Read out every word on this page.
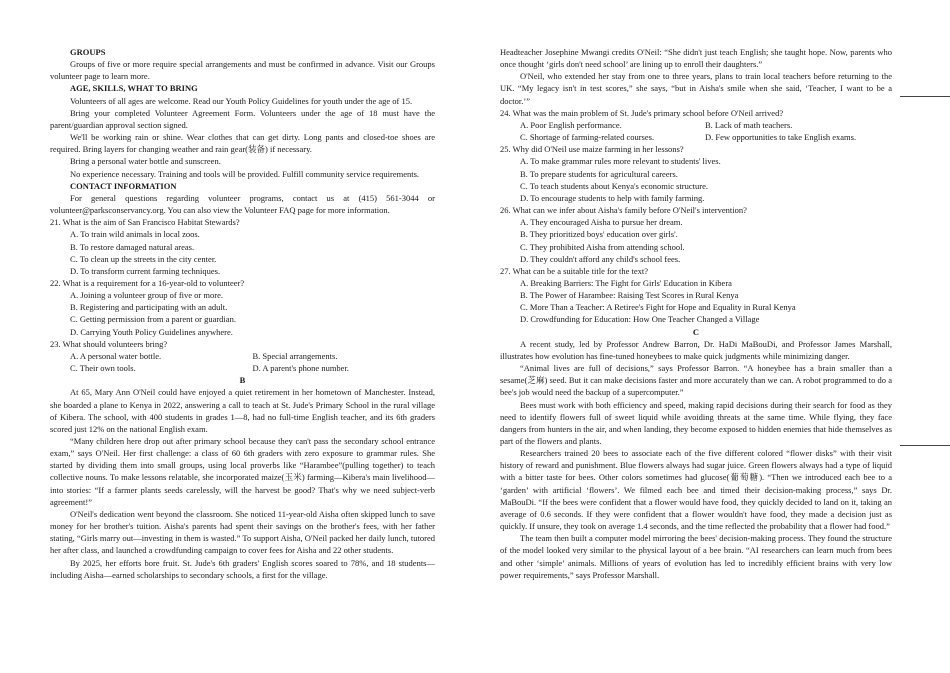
GROUPS

Groups of five or more require special arrangements and must be confirmed in advance. Visit our Groups volunteer page to learn more.

AGE, SKILLS, WHAT TO BRING

Volunteers of all ages are welcome. Read our Youth Policy Guidelines for youth under the age of 15.

Bring your completed Volunteer Agreement Form. Volunteers under the age of 18 must have the parent/guardian approval section signed.

We'll be working rain or shine. Wear clothes that can get dirty. Long pants and closed-toe shoes are required. Bring layers for changing weather and rain gear(装备) if necessary.

Bring a personal water bottle and sunscreen.

No experience necessary. Training and tools will be provided. Fulfill community service requirements.

CONTACT INFORMATION

For general questions regarding volunteer programs, contact us at (415) 561-3044 or volunteer@parksconservancy.org. You can also view the Volunteer FAQ page for more information.

21. What is the aim of San Francisco Habitat Stewards?

A. To train wild animals in local zoos.

B. To restore damaged natural areas.

C. To clean up the streets in the city center.

D. To transform current farming techniques.

22. What is a requirement for a 16-year-old to volunteer?

A. Joining a volunteer group of five or more.

B. Registering and participating with an adult.

C. Getting permission from a parent or guardian.

D. Carrying Youth Policy Guidelines anywhere.

23. What should volunteers bring?

A. A personal water bottle.	B. Special arrangements.
C. Their own tools.	D. A parent's phone number.

B

At 65, Mary Ann O'Neil could have enjoyed a quiet retirement in her hometown of Manchester. Instead, she boarded a plane to Kenya in 2022, answering a call to teach at St. Jude's Primary School in the rural village of Kibera. The school, with 400 students in grades 1—8, had no full-time English teacher, and its 6th graders scored just 12% on the national English exam.

“Many children here drop out after primary school because they can't pass the secondary school entrance exam,” says O'Neil. Her first challenge: a class of 60 6th graders with zero exposure to grammar rules. She started by dividing them into small groups, using local proverbs like “Harambee”(pulling together) to teach collective nouns. To make lessons relatable, she incorporated maize(玉米) farming—Kibera's main livelihood—into stories: “If a farmer plants seeds carelessly, will the harvest be good? That's why we need subject-verb agreement!”

O'Neil's dedication went beyond the classroom. She noticed 11-year-old Aisha often skipped lunch to save money for her brother's tuition. Aisha's parents had spent their savings on the brother's fees, with her father stating, “Girls marry out—investing in them is wasted.” To support Aisha, O'Neil packed her daily lunch, tutored her after class, and launched a crowdfunding campaign to cover fees for Aisha and 22 other students.

By 2025, her efforts bore fruit. St. Jude's 6th graders' English scores soared to 78%, and 18 students—including Aisha—earned scholarships to secondary schools, a first for the village.

Headteacher Josephine Mwangi credits O'Neil: “She didn't just teach English; she taught hope. Now, parents who once thought ‘girls don't need school’ are lining up to enroll their daughters.”

O'Neil, who extended her stay from one to three years, plans to train local teachers before returning to the UK. “My legacy isn't in test scores,” she says, “but in Aisha's smile when she said, ‘Teacher, I want to be a doctor.’”

24. What was the main problem of St. Jude's primary school before O'Neil arrived?

A. Poor English performance.	B. Lack of math teachers.
C. Shortage of farming-related courses.	D. Few opportunities to take English exams.

25. Why did O'Neil use maize farming in her lessons?

A. To make grammar rules more relevant to students' lives.

B. To prepare students for agricultural careers.

C. To teach students about Kenya's economic structure.

D. To encourage students to help with family farming.

26. What can we infer about Aisha's family before O'Neil's intervention?

A. They encouraged Aisha to pursue her dream.

B. They prioritized boys' education over girls'.

C. They prohibited Aisha from attending school.

D. They couldn't afford any child's school fees.

27. What can be a suitable title for the text?

A. Breaking Barriers: The Fight for Girls' Education in Kibera

B. The Power of Harambee: Raising Test Scores in Rural Kenya

C. More Than a Teacher: A Retiree's Fight for Hope and Equality in Rural Kenya

D. Crowdfunding for Education: How One Teacher Changed a Village

C

A recent study, led by Professor Andrew Barron, Dr. HaDi MaBouDi, and Professor James Marshall, illustrates how evolution has fine-tuned honeybees to make quick judgments while minimizing danger.

“Animal lives are full of decisions,” says Professor Barron. “A honeybee has a brain smaller than a sesame(芝麻) seed. But it can make decisions faster and more accurately than we can. A robot programmed to do a bee's job would need the backup of a supercomputer.”

Bees must work with both efficiency and speed, making rapid decisions during their search for food as they need to identify flowers full of sweet liquid while avoiding threats at the same time. While flying, they face dangers from hunters in the air, and when landing, they become exposed to hidden enemies that hide themselves as part of the flowers and plants.

Researchers trained 20 bees to associate each of the five different colored “flower disks” with their visit history of reward and punishment. Blue flowers always had sugar juice. Green flowers always had a type of liquid with a bitter taste for bees. Other colors sometimes had glucose(葡萄糖). “Then we introduced each bee to a ‘garden’ with artificial ‘flowers’. We filmed each bee and timed their decision-making process,” says Dr. MaBouDi. “If the bees were confident that a flower would have food, they quickly decided to land on it, taking an average of 0.6 seconds. If they were confident that a flower wouldn't have food, they made a decision just as quickly. If unsure, they took on average 1.4 seconds, and the time reflected the probability that a flower had food.”

The team then built a computer model mirroring the bees' decision-making process. They found the structure of the model looked very similar to the physical layout of a bee brain. “AI researchers can learn much from bees and other ‘simple’ animals. Millions of years of evolution has led to incredibly efficient brains with very low power requirements,” says Professor Marshall.
